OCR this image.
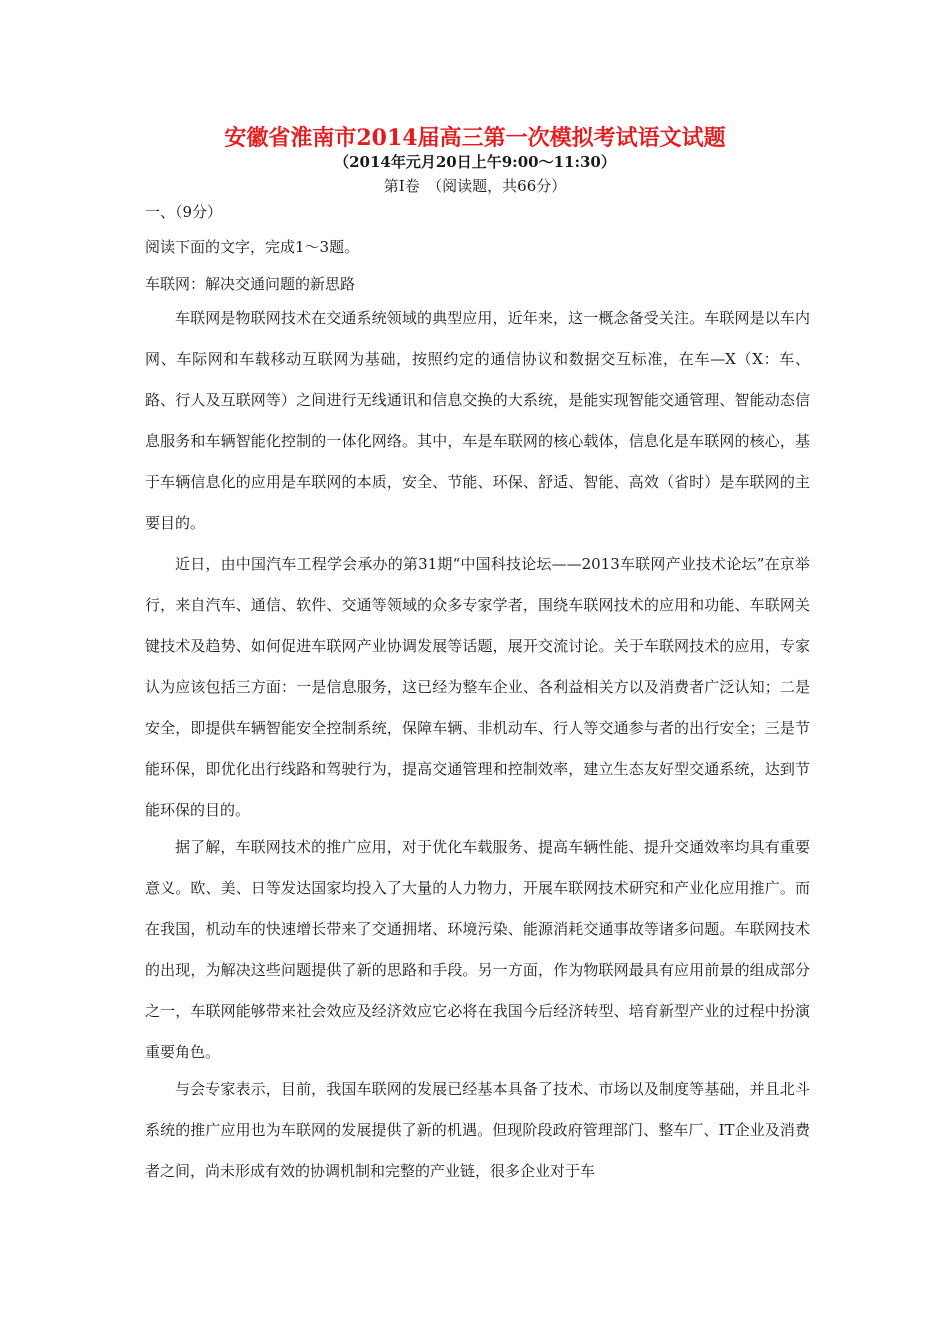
安徽省淮南市2014届高三第一次模拟考试语文试题
（2014年元月20日上午9:00～11:30）
第Ⅰ卷　（阅读题，共66分）
一、（9分）
阅读下面的文字，完成1～3题。
车联网：解决交通问题的新思路

车联网是物联网技术在交通系统领域的典型应用，近年来，这一概念备受关注。车联网是以车内网、车际网和车载移动互联网为基础，按照约定的通信协议和数据交互标准，在车—X（X：车、路、行人及互联网等）之间进行无线通讯和信息交换的大系统，是能实现智能交通管理、智能动态信息服务和车辆智能化控制的一体化网络。其中，车是车联网的核心载体，信息化是车联网的核心，基于车辆信息化的应用是车联网的本质，安全、节能、环保、舒适、智能、高效（省时）是车联网的主要目的。

近日，由中国汽车工程学会承办的第31期“中国科技论坛——2013车联网产业技术论坛”在京举行，来自汽车、通信、软件、交通等领域的众多专家学者，围绕车联网技术的应用和功能、车联网关键技术及趋势、如何促进车联网产业协调发展等话题，展开交流讨论。关于车联网技术的应用，专家认为应该包括三方面：一是信息服务，这已经为整车企业、各利益相关方以及消费者广泛认知；二是安全，即提供车辆智能安全控制系统，保障车辆、非机动车、行人等交通参与者的出行安全；三是节能环保，即优化出行线路和驾驶行为，提高交通管理和控制效率，建立生态友好型交通系统，达到节能环保的目的。

据了解，车联网技术的推广应用，对于优化车载服务、提高车辆性能、提升交通效率均具有重要意义。欧、美、日等发达国家均投入了大量的人力物力，开展车联网技术研究和产业化应用推广。而在我国，机动车的快速增长带来了交通拥堵、环境污染、能源消耗交通事故等诸多问题。车联网技术的出现，为解决这些问题提供了新的思路和手段。另一方面，作为物联网最具有应用前景的组成部分之一，车联网能够带来社会效应及经济效应它必将在我国今后经济转型、培育新型产业的过程中扮演重要角色。

与会专家表示，目前，我国车联网的发展已经基本具备了技术、市场以及制度等基础，并且北斗系统的推广应用也为车联网的发展提供了新的机遇。但现阶段政府管理部门、整车厂、IT企业及消费者之间，尚未形成有效的协调机制和完整的产业链，很多企业对于车
